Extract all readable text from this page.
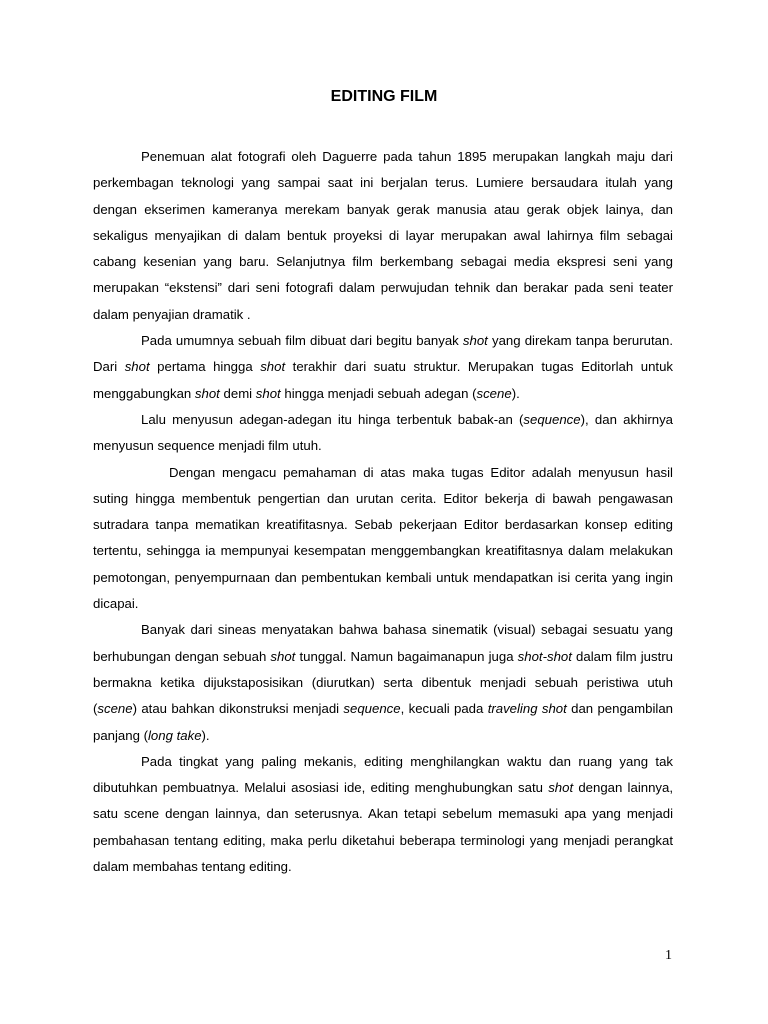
EDITING FILM

Penemuan alat fotografi oleh Daguerre pada tahun 1895 merupakan langkah maju dari perkembagan teknologi yang sampai saat ini berjalan terus. Lumiere bersaudara itulah yang dengan ekserimen kameranya merekam banyak gerak manusia atau gerak objek lainya, dan sekaligus menyajikan di dalam bentuk proyeksi di layar merupakan awal lahirnya film sebagai cabang kesenian yang baru. Selanjutnya film berkembang sebagai media ekspresi seni yang merupakan “ekstensi” dari seni fotografi dalam perwujudan tehnik dan berakar pada seni teater dalam penyajian dramatik .

Pada umumnya sebuah film dibuat dari begitu banyak shot yang direkam tanpa berurutan. Dari shot pertama hingga shot terakhir dari suatu struktur. Merupakan tugas Editorlah untuk menggabungkan shot demi shot hingga menjadi sebuah adegan (scene).

Lalu menyusun adegan-adegan itu hinga terbentuk babak-an (sequence), dan akhirnya menyusun sequence menjadi film utuh.

Dengan mengacu pemahaman di atas maka tugas Editor adalah menyusun hasil suting hingga membentuk pengertian dan urutan cerita. Editor bekerja di bawah pengawasan sutradara tanpa mematikan kreatifitasnya. Sebab pekerjaan Editor berdasarkan konsep editing tertentu, sehingga ia mempunyai kesempatan menggembangkan kreatifitasnya dalam melakukan pemotongan, penyempurnaan dan pembentukan kembali untuk mendapatkan isi cerita yang ingin dicapai.

Banyak dari sineas menyatakan bahwa bahasa sinematik (visual) sebagai sesuatu yang berhubungan dengan sebuah shot tunggal. Namun bagaimanapun juga shot-shot dalam film justru bermakna ketika dijukstaposisikan (diurutkan) serta dibentuk menjadi sebuah peristiwa utuh (scene) atau bahkan dikonstruksi menjadi sequence, kecuali pada traveling shot dan pengambilan panjang (long take).

Pada tingkat yang paling mekanis, editing menghilangkan waktu dan ruang yang tak dibutuhkan pembuatnya. Melalui asosiasi ide, editing menghubungkan satu shot dengan lainnya, satu scene dengan lainnya, dan seterusnya. Akan tetapi sebelum memasuki apa yang menjadi pembahasan tentang editing, maka perlu diketahui beberapa terminologi yang menjadi perangkat dalam membahas tentang editing.

1
